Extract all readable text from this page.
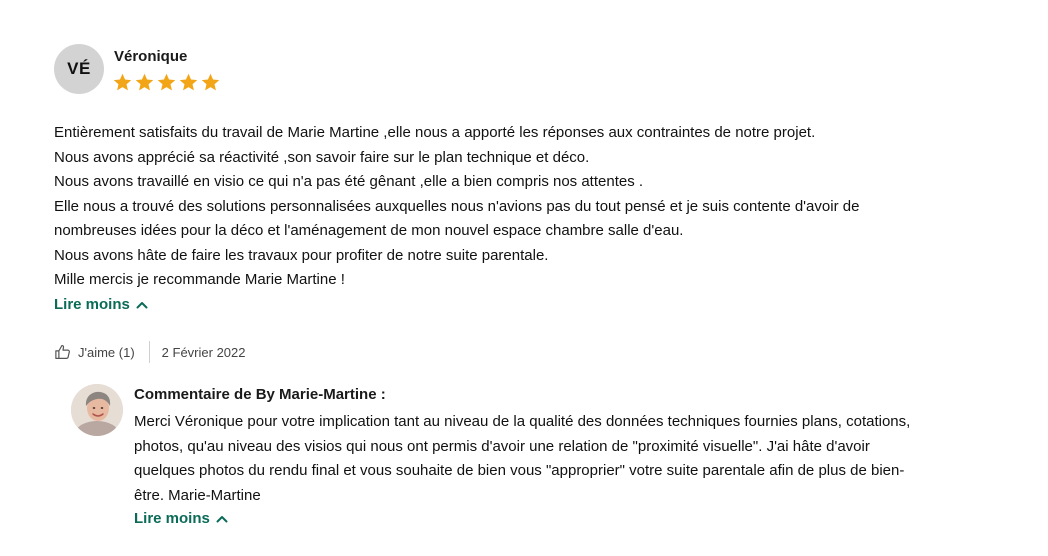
VÉ
Véronique

Entièrement satisfaits du travail de Marie Martine ,elle nous a apporté les réponses aux contraintes de notre projet.

Nous avons apprécié sa réactivité ,son savoir faire sur le plan technique et déco.

Nous avons travaillé en visio ce qui n'a pas été gênant ,elle a bien compris nos attentes .

Elle nous a trouvé des solutions personnalisées auxquelles nous n'avions pas du tout pensé et je suis contente d'avoir de

nombreuses idées pour la déco et l'aménagement de mon nouvel espace chambre salle d'eau.

Nous avons hâte de faire les travaux pour profiter de notre suite parentale.

Mille mercis je recommande Marie Martine !

Lire moins
J'aime (1) 2 Février 2022
Commentaire de By Marie-Martine :

Merci Véronique pour votre implication tant au niveau de la qualité des données techniques fournies plans, cotations,

photos, qu'au niveau des visios qui nous ont permis d'avoir une relation de "proximité visuelle". J'ai hâte d'avoir

quelques photos du rendu final et vous souhaite de bien vous "approprier" votre suite parentale afin de plus de bien-

être. Marie-Martine

Lire moins
